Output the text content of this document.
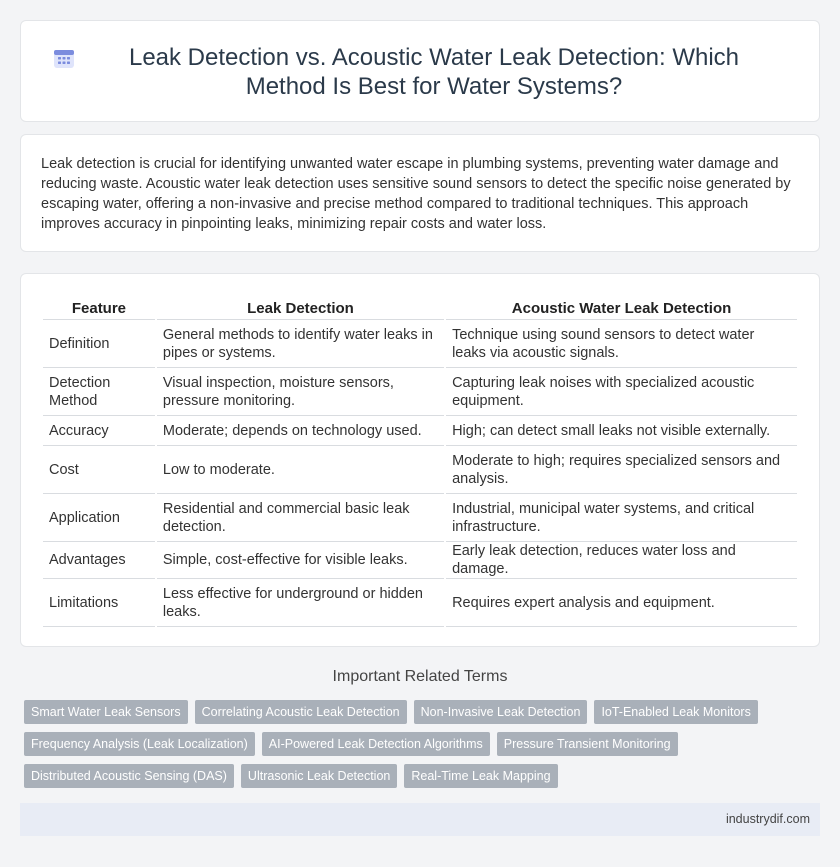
Leak Detection vs. Acoustic Water Leak Detection: Which Method Is Best for Water Systems?

Leak detection is crucial for identifying unwanted water escape in plumbing systems, preventing water damage and reducing waste. Acoustic water leak detection uses sensitive sound sensors to detect the specific noise generated by escaping water, offering a non-invasive and precise method compared to traditional techniques. This approach improves accuracy in pinpointing leaks, minimizing repair costs and water loss.

Feature	Leak Detection	Acoustic Water Leak Detection
Definition	General methods to identify water leaks in pipes or systems.	Technique using sound sensors to detect water leaks via acoustic signals.
Detection Method	Visual inspection, moisture sensors, pressure monitoring.	Capturing leak noises with specialized acoustic equipment.
Accuracy	Moderate; depends on technology used.	High; can detect small leaks not visible externally.
Cost	Low to moderate.	Moderate to high; requires specialized sensors and analysis.
Application	Residential and commercial basic leak detection.	Industrial, municipal water systems, and critical infrastructure.
Advantages	Simple, cost-effective for visible leaks.	Early leak detection, reduces water loss and damage.
Limitations	Less effective for underground or hidden leaks.	Requires expert analysis and equipment.
Important Related Terms
Smart Water Leak Sensors	Correlating Acoustic Leak Detection	Non-Invasive Leak Detection	IoT-Enabled Leak Monitors
Frequency Analysis (Leak Localization)	AI-Powered Leak Detection Algorithms	Pressure Transient Monitoring
Distributed Acoustic Sensing (DAS)	Ultrasonic Leak Detection	Real-Time Leak Mapping
industrydif.com
